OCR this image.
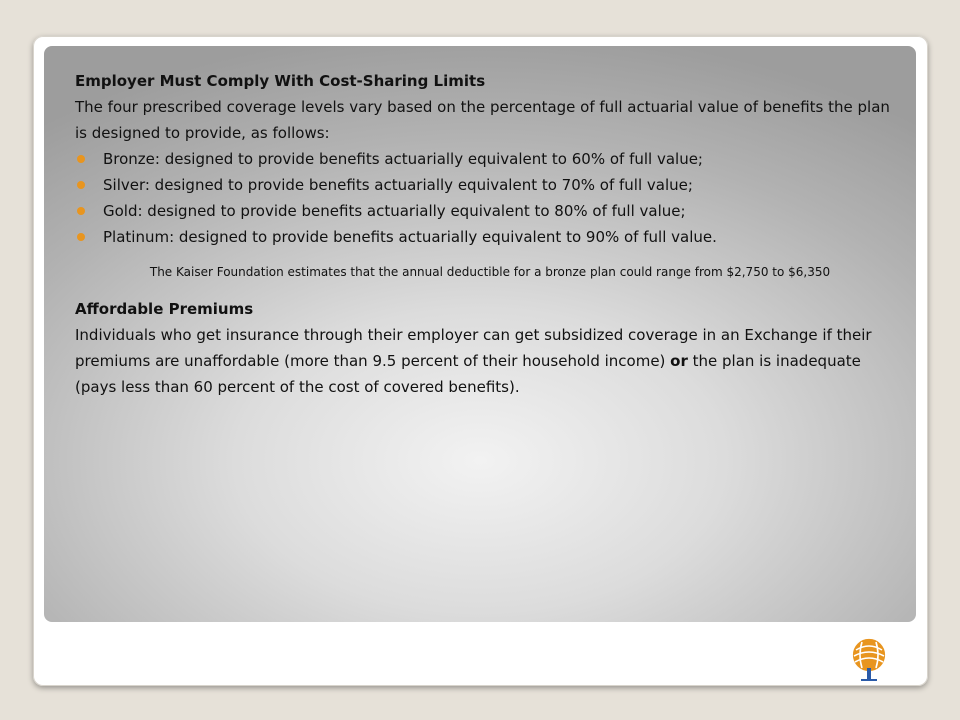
Employer Must Comply With Cost-Sharing Limits

The four prescribed coverage levels vary based on the percentage of full actuarial value of benefits the plan is designed to provide, as follows:

Bronze: designed to provide benefits actuarially equivalent to 60% of full value;
Silver: designed to provide benefits actuarially equivalent to 70% of full value;
Gold: designed to provide benefits actuarially equivalent to 80% of full value;
Platinum: designed to provide benefits actuarially equivalent to 90% of full value.

The Kaiser Foundation estimates that the annual deductible for a bronze plan could range from $2,750 to $6,350

Affordable Premiums

Individuals who get insurance through their employer can get subsidized coverage in an Exchange if their premiums are unaffordable (more than 9.5 percent of their household income) or the plan is inadequate (pays less than 60 percent of the cost of covered benefits).
